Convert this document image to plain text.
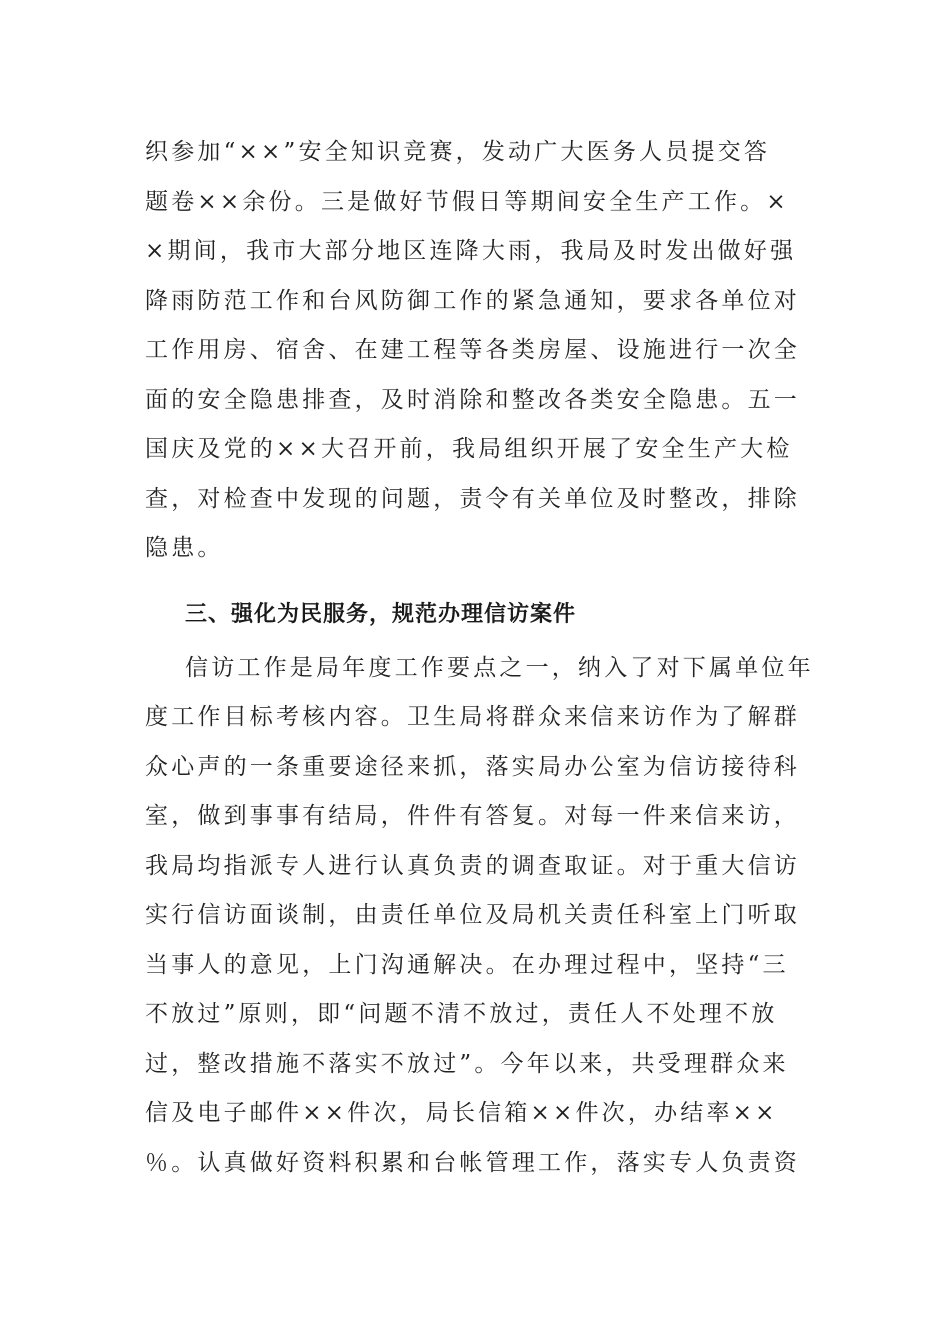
织参加“××”安全知识竞赛，发动广大医务人员提交答
题卷××余份。三是做好节假日等期间安全生产工作。×
×期间，我市大部分地区连降大雨，我局及时发出做好强
降雨防范工作和台风防御工作的紧急通知，要求各单位对
工作用房、宿舍、在建工程等各类房屋、设施进行一次全
面的安全隐患排查，及时消除和整改各类安全隐患。五一
国庆及党的××大召开前，我局组织开展了安全生产大检
查，对检查中发现的问题，责令有关单位及时整改，排除
隐患。
三、强化为民服务，规范办理信访案件
信访工作是局年度工作要点之一，纳入了对下属单位年
度工作目标考核内容。卫生局将群众来信来访作为了解群
众心声的一条重要途径来抓，落实局办公室为信访接待科
室，做到事事有结局，件件有答复。对每一件来信来访，
我局均指派专人进行认真负责的调查取证。对于重大信访
实行信访面谈制，由责任单位及局机关责任科室上门听取
当事人的意见，上门沟通解决。在办理过程中，坚持“三
不放过”原则，即“问题不清不放过，责任人不处理不放
过，整改措施不落实不放过”。今年以来，共受理群众来
信及电子邮件××件次，局长信箱××件次，办结率××
％。认真做好资料积累和台帐管理工作，落实专人负责资
